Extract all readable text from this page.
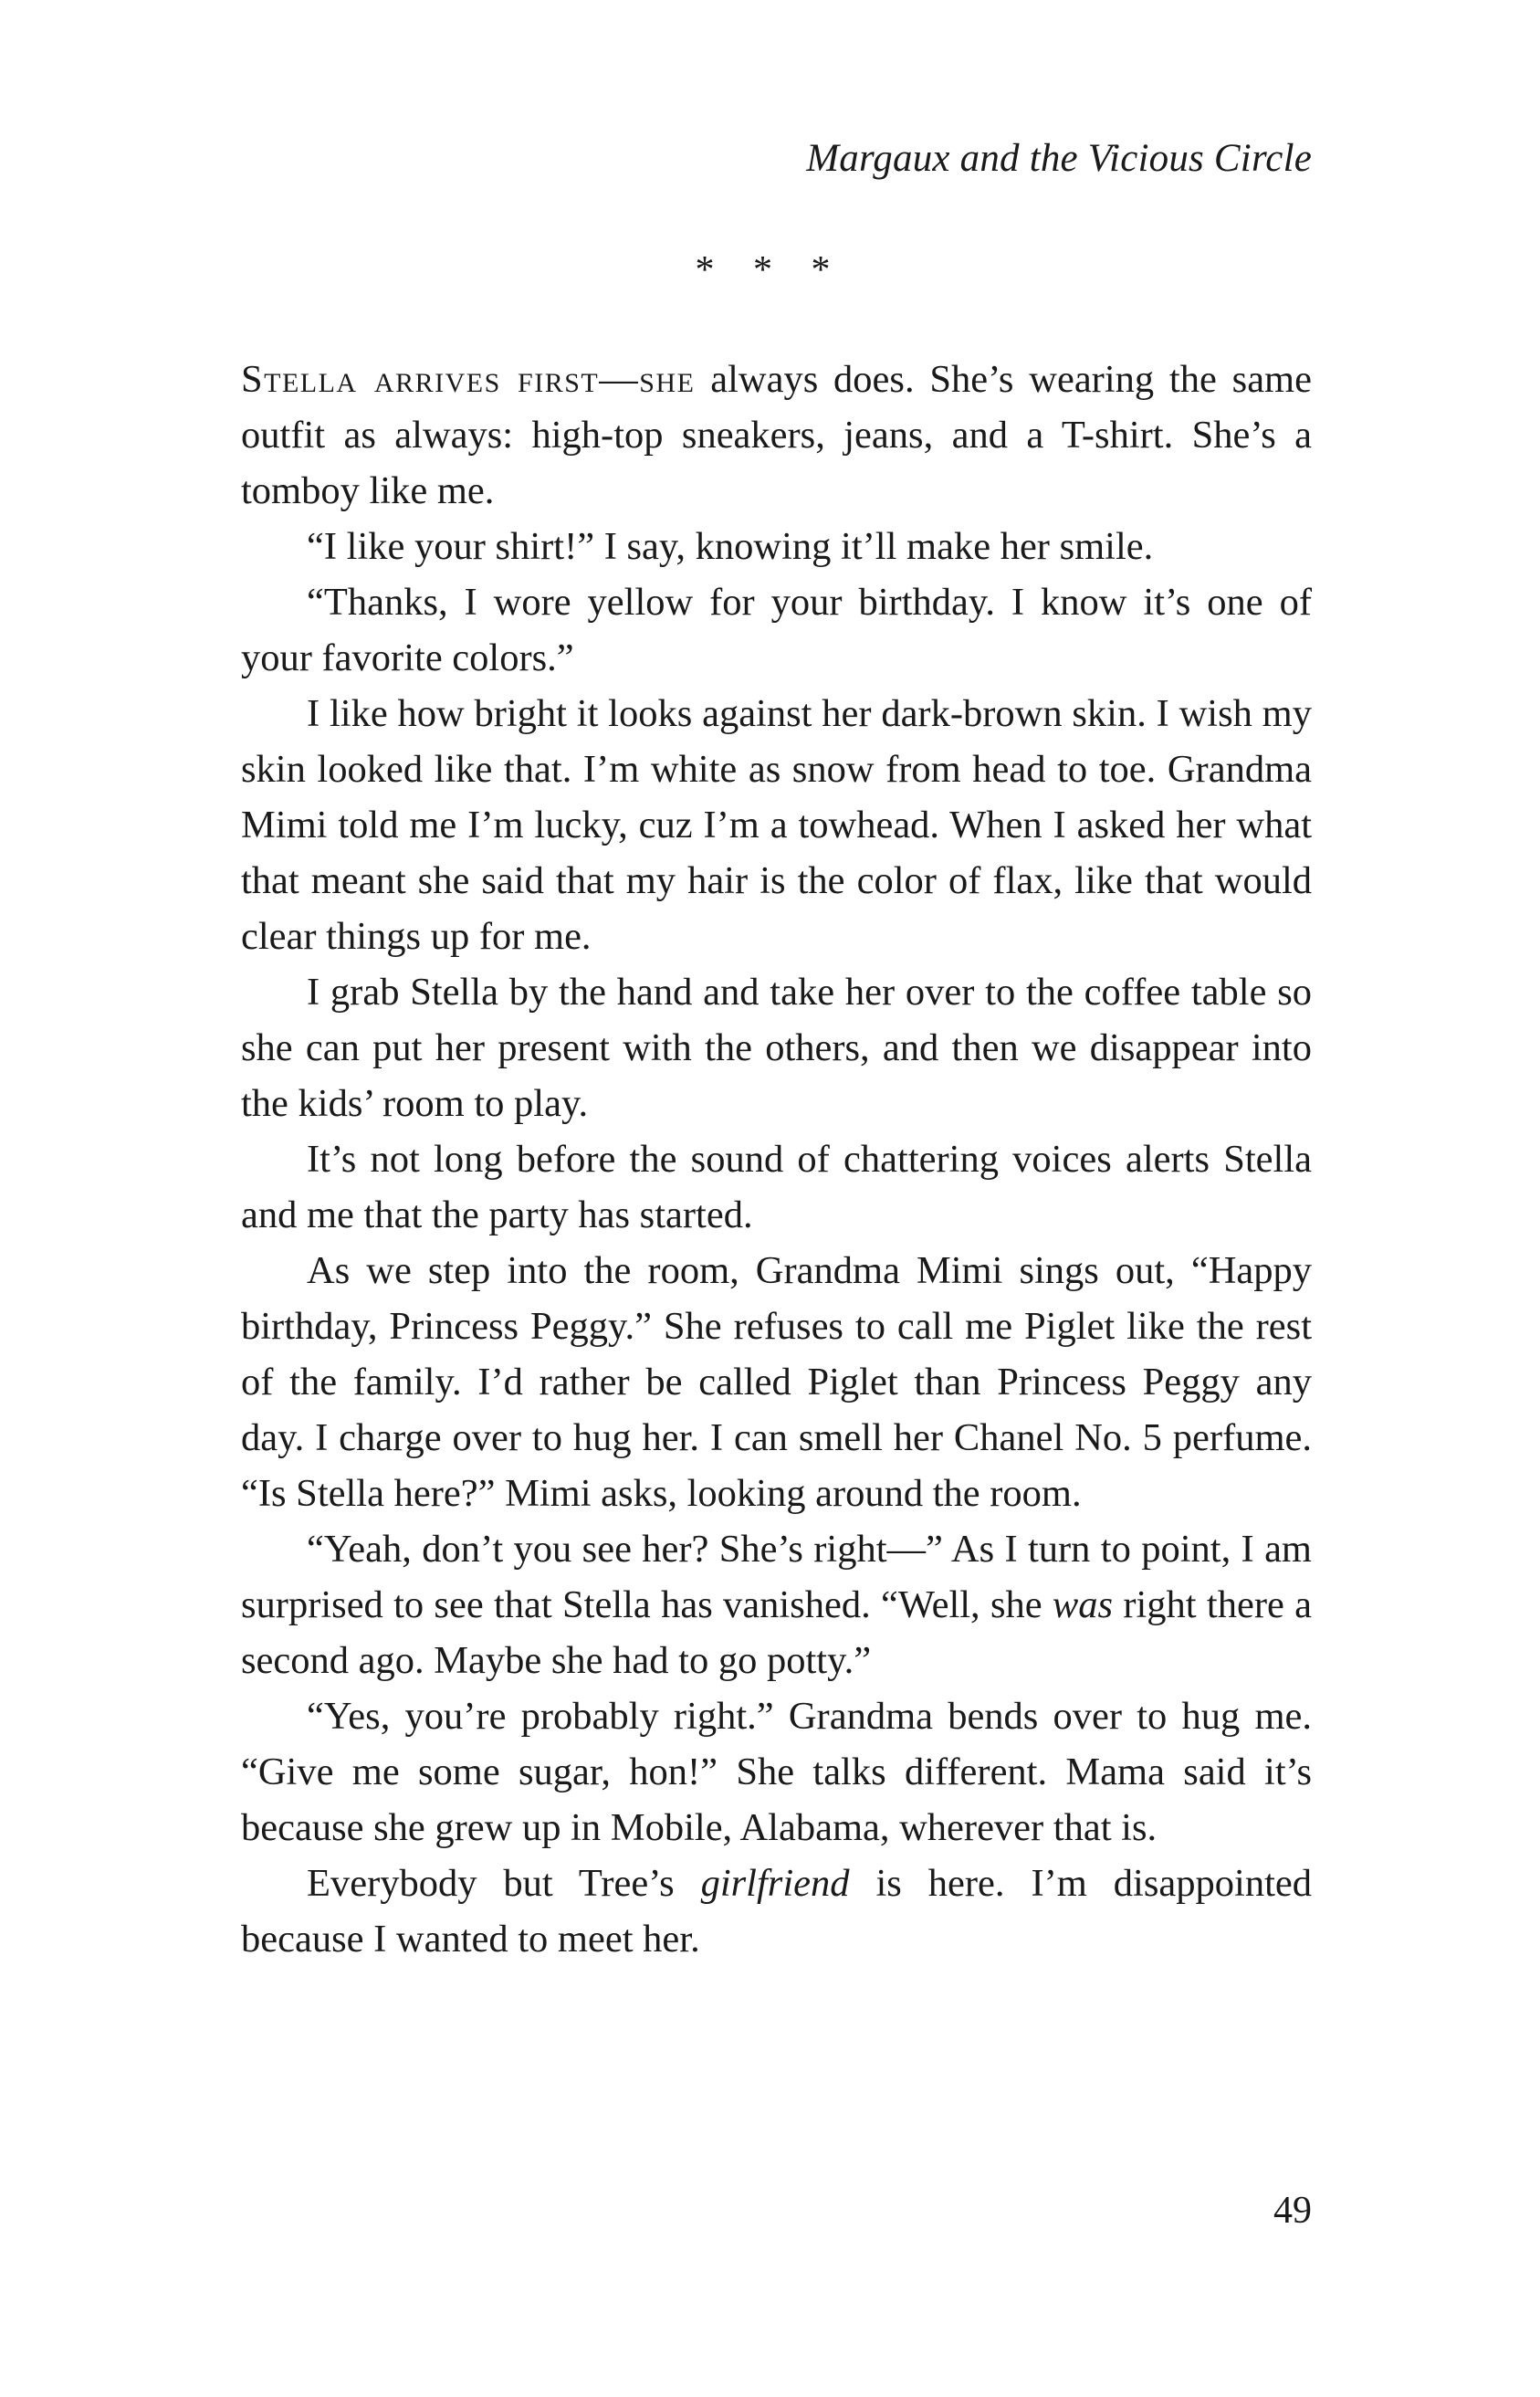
Margaux and the Vicious Circle
* * *

Stella arrives first—she always does. She’s wearing the same outfit as always: high-top sneakers, jeans, and a T-shirt. She’s a tomboy like me.

“I like your shirt!” I say, knowing it’ll make her smile.

“Thanks, I wore yellow for your birthday. I know it’s one of your favorite colors.”

I like how bright it looks against her dark-brown skin. I wish my skin looked like that. I’m white as snow from head to toe. Grandma Mimi told me I’m lucky, cuz I’m a towhead. When I asked her what that meant she said that my hair is the color of flax, like that would clear things up for me.

I grab Stella by the hand and take her over to the coffee table so she can put her present with the others, and then we disappear into the kids’ room to play.

It’s not long before the sound of chattering voices alerts Stella and me that the party has started.

As we step into the room, Grandma Mimi sings out, “Happy birthday, Princess Peggy.” She refuses to call me Piglet like the rest of the family. I’d rather be called Piglet than Princess Peggy any day. I charge over to hug her. I can smell her Chanel No. 5 perfume. “Is Stella here?” Mimi asks, looking around the room.

“Yeah, don’t you see her? She’s right—” As I turn to point, I am surprised to see that Stella has vanished. “Well, she was right there a second ago. Maybe she had to go potty.”

“Yes, you’re probably right.” Grandma bends over to hug me. “Give me some sugar, hon!” She talks different. Mama said it’s because she grew up in Mobile, Alabama, wherever that is.

Everybody but Tree’s girlfriend is here. I’m disappointed because I wanted to meet her.

49
